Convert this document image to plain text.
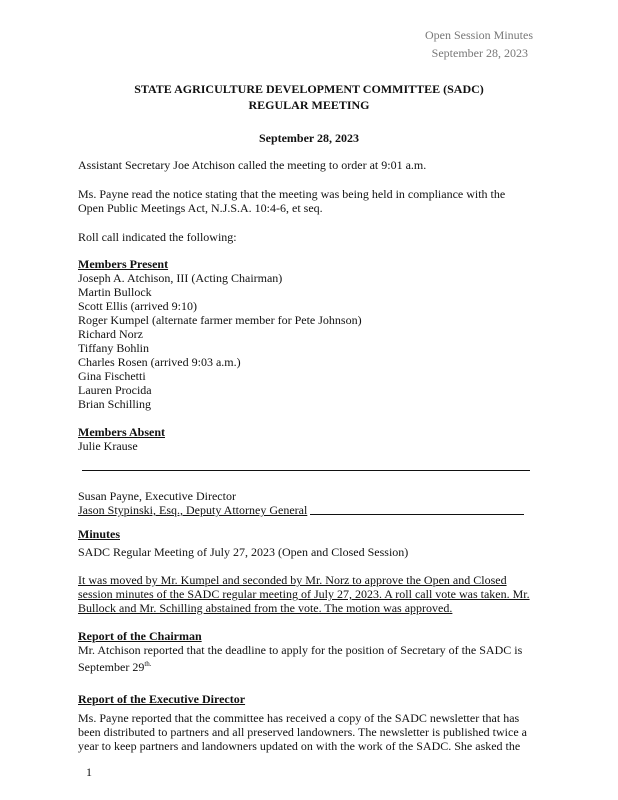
Open Session Minutes
September 28, 2023
STATE AGRICULTURE DEVELOPMENT COMMITTEE (SADC)
REGULAR MEETING
September 28, 2023
Assistant Secretary Joe Atchison called the meeting to order at 9:01 a.m.
Ms. Payne read the notice stating that the meeting was being held in compliance with the
Open Public Meetings Act, N.J.S.A. 10:4-6, et seq.
Roll call indicated the following:
Members Present
Joseph A. Atchison, III (Acting Chairman)
Martin Bullock
Scott Ellis (arrived 9:10)
Roger Kumpel (alternate farmer member for Pete Johnson)
Richard Norz
Tiffany Bohlin
Charles Rosen (arrived 9:03 a.m.)
Gina Fischetti
Lauren Procida
Brian Schilling
Members Absent
Julie Krause
Susan Payne, Executive Director
Jason Stypinski, Esq., Deputy Attorney General
Minutes
SADC Regular Meeting of July 27, 2023 (Open and Closed Session)
It was moved by Mr. Kumpel and seconded by Mr. Norz to approve the Open and Closed
session minutes of the SADC regular meeting of July 27, 2023. A roll call vote was taken. Mr.
Bullock and Mr. Schilling abstained from the vote. The motion was approved.
Report of the Chairman
Mr. Atchison reported that the deadline to apply for the position of Secretary of the SADC is
September $29^{th.}$
Report of the Executive Director
Ms. Payne reported that the committee has received a copy of the SADC newsletter that has
been distributed to partners and all preserved landowners. The newsletter is published twice a
year to keep partners and landowners updated on with the work of the SADC. She asked the
1
